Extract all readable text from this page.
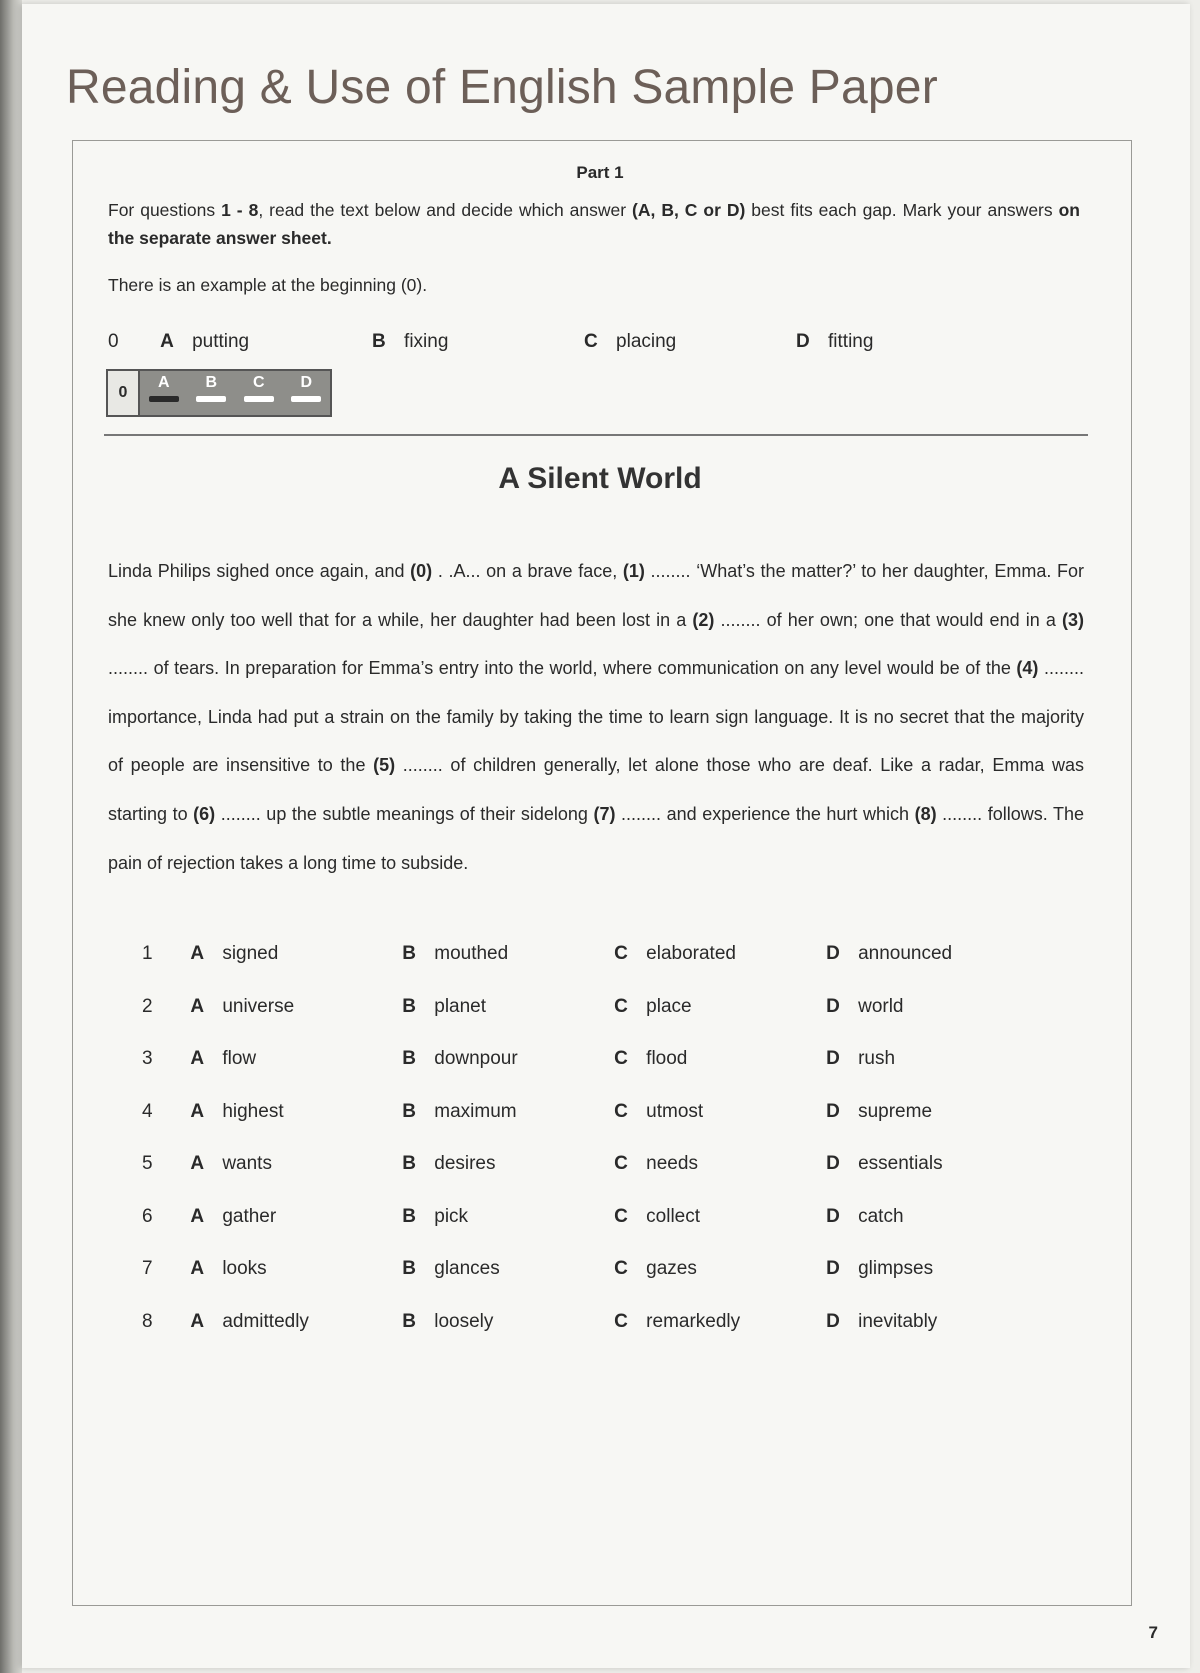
Reading & Use of English Sample Paper
Part 1
For questions 1 - 8, read the text below and decide which answer (A, B, C or D) best fits each gap. Mark your answers on the separate answer sheet.
There is an example at the beginning (0).
0	A putting	B fixing	C placing	D fitting
0
A B C D
A Silent World

Linda Philips sighed once again, and (0) . .A... on a brave face, (1) ........ ‘What’s the matter?’ to her daughter, Emma. For she knew only too well that for a while, her daughter had been lost in a (2) ........ of her own; one that would end in a (3) ........ of tears. In preparation for Emma’s entry into the world, where communication on any level would be of the (4) ........ importance, Linda had put a strain on the family by taking the time to learn sign language. It is no secret that the majority of people are insensitive to the (5) ........ of children generally, let alone those who are deaf. Like a radar, Emma was starting to (6) ........ up the subtle meanings of their sidelong (7) ........ and experience the hurt which (8) ........ follows. The pain of rejection takes a long time to subside.

1	A signed	B mouthed	C elaborated	D announced
2	A universe	B planet	C place	D world
3	A flow	B downpour	C flood	D rush
4	A highest	B maximum	C utmost	D supreme
5	A wants	B desires	C needs	D essentials
6	A gather	B pick	C collect	D catch
7	A looks	B glances	C gazes	D glimpses
8	A admittedly	B loosely	C remarkedly	D inevitably
7
